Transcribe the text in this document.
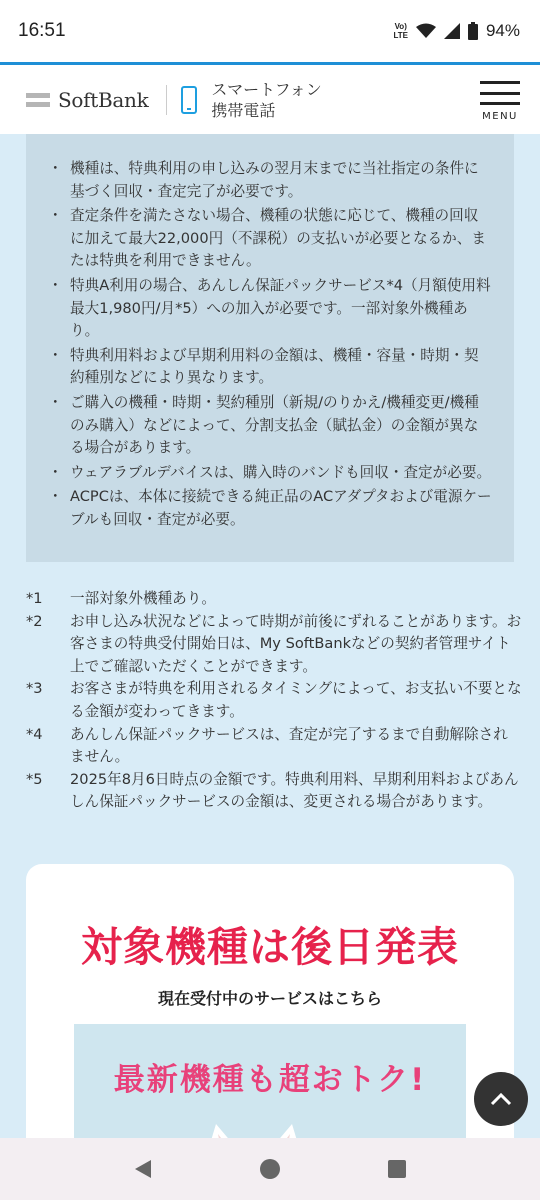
16:51	Vo)
LTE	94%
SoftBank	スマートフォン
携帯電話	MENU
・ 機種は、特典利用の申し込みの翌月末までに当社指定の条件に基づく回収・査定完了が必要です。
・ 査定条件を満たさない場合、機種の状態に応じて、機種の回収に加えて最大22,000円（不課税）の支払いが必要となるか、または特典を利用できません。
・ 特典A利用の場合、あんしん保証パックサービス*4（月額使用料最大1,980円/月*5）への加入が必要です。一部対象外機種あり。
・ 特典利用料および早期利用料の金額は、機種・容量・時期・契約種別などにより異なります。
・ ご購入の機種・時期・契約種別（新規/のりかえ/機種変更/機種のみ購入）などによって、分割支払金（賦払金）の金額が異なる場合があります。
・ ウェアラブルデバイスは、購入時のバンドも回収・査定が必要。
・ ACPCは、本体に接続できる純正品のACアダプタおよび電源ケーブルも回収・査定が必要。
*1	一部対象外機種あり。
*2	お申し込み状況などによって時期が前後にずれることがあります。お客さまの特典受付開始日は、My SoftBankなどの契約者管理サイト上でご確認いただくことができます。
*3	お客さまが特典を利用されるタイミングによって、お支払い不要となる金額が変わってきます。
*4	あんしん保証パックサービスは、査定が完了するまで自動解除されません。
*5	2025年8月6日時点の金額です。特典利用料、早期利用料およびあんしん保証パックサービスの金額は、変更される場合があります。
対象機種は後日発表
現在受付中のサービスはこちら
最新機種も超おトク!
